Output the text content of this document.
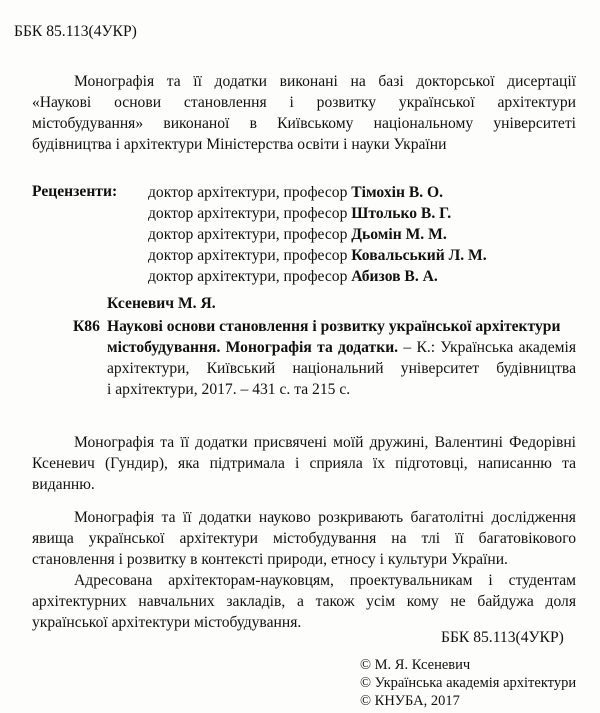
ББК 85.113(4УКР)
Монографія та її додатки виконані на базі докторської дисертації
«Наукові основи становлення і розвитку української архітектури
містобудування» виконаної в Київському національному університеті
будівництва і архітектури Міністерства освіти і науки України
Рецензенти: доктор архітектури, професор Тімохін В. О.
доктор архітектури, професор Штолько В. Г.
доктор архітектури, професор Дьомін М. М.
доктор архітектури, професор Ковальський Л. М.
доктор архітектури, професор Абизов В. А.
Ксеневич М. Я.
К86 Наукові основи становлення і розвитку української архітектури
містобудування. Монографія та додатки. – К.: Українська академія
архітектури, Київський національний університет будівництва
і архітектури, 2017. – 431 с. та 215 с.
Монографія та її додатки присвячені моїй дружині, Валентині Федорівні
Ксеневич (Гундир), яка підтримала і сприяла їх підготовці, написанню та
виданню.
Монографія та її додатки науково розкривають багатолітні дослідження
явища української архітектури містобудування на тлі її багатовікового
становлення і розвитку в контексті природи, етносу і культури України.
Адресована архітекторам-науковцям, проектувальникам і студентам
архітектурних навчальних закладів, а також усім кому не байдужа доля
української архітектури містобудування.
ББК 85.113(4УКР)
© М. Я. Ксеневич
© Українська академія архітектури
© КНУБА, 2017
